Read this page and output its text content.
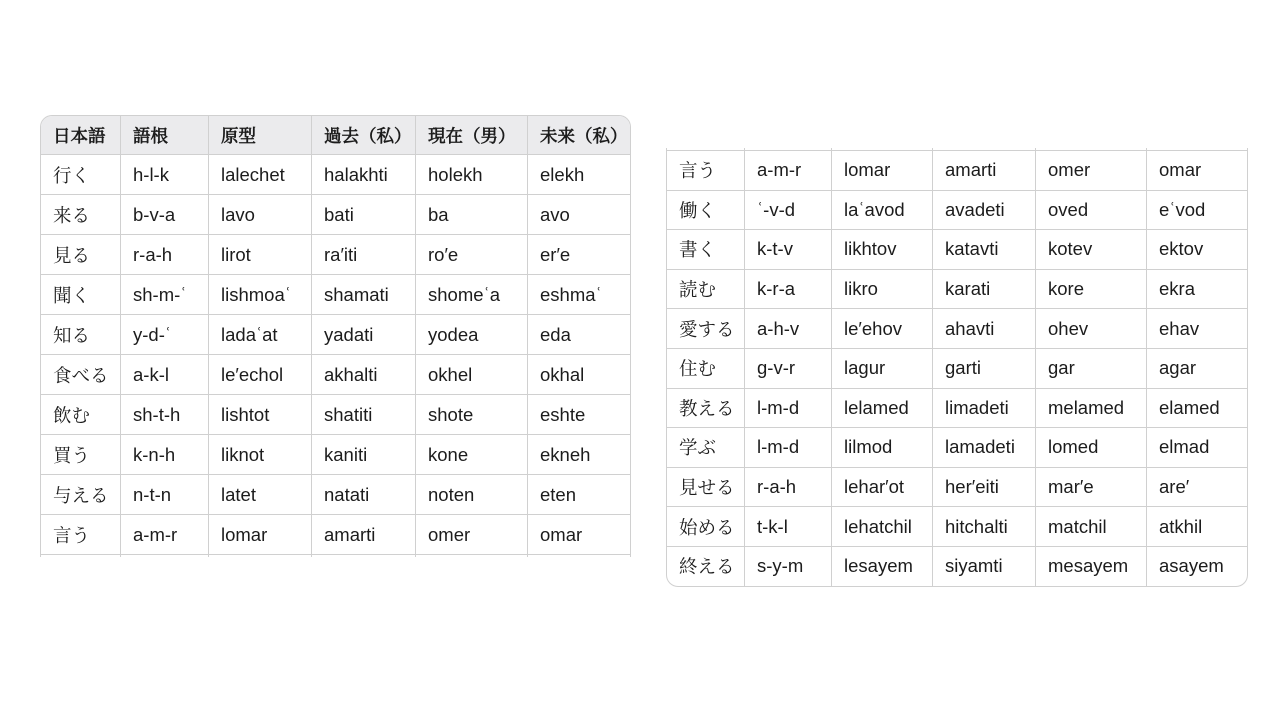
日本語	語根	原型	過去（私）	現在（男）	未来（私）
行く	h-l-k	lalechet	halakhti	holekh	elekh
来る	b-v-a	lavo	bati	ba	avo
見る	r-a-h	lirot	ra′iti	ro′e	er′e
聞く	sh-m-ʿ	lishmoaʿ	shamati	shomeʿa	eshmaʿ
知る	y-d-ʿ	ladaʿat	yadati	yodea	eda
食べる	a-k-l	le′echol	akhalti	okhel	okhal
飲む	sh-t-h	lishtot	shatiti	shote	eshte
買う	k-n-h	liknot	kaniti	kone	ekneh
与える	n-t-n	latet	natati	noten	eten
言う	a-m-r	lomar	amarti	omer	omar

言う	a-m-r	lomar	amarti	omer	omar
働く	ʿ-v-d	laʿavod	avadeti	oved	eʿvod
書く	k-t-v	likhtov	katavti	kotev	ektov
読む	k-r-a	likro	karati	kore	ekra
愛する	a-h-v	le′ehov	ahavti	ohev	ehav
住む	g-v-r	lagur	garti	gar	agar
教える	l-m-d	lelamed	limadeti	melamed	elamed
学ぶ	l-m-d	lilmod	lamadeti	lomed	elmad
見せる	r-a-h	lehar′ot	her′eiti	mar′e	are′
始める	t-k-l	lehatchil	hitchalti	matchil	atkhil
終える	s-y-m	lesayem	siyamti	mesayem	asayem
